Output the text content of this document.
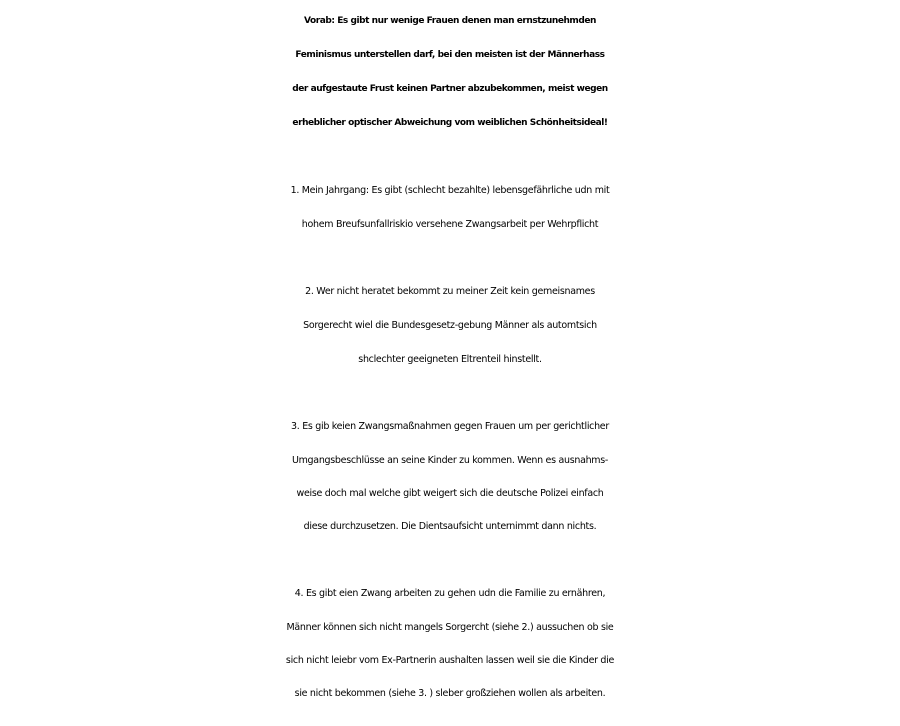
Vorab: Es gibt nur wenige Frauen denen man ernstzunehmden
Feminismus unterstellen darf, bei den meisten ist der Männerhass
der aufgestaute Frust keinen Partner abzubekommen, meist wegen
erheblicher optischer Abweichung vom weiblichen Schönheitsideal!
1. Mein Jahrgang: Es gibt (schlecht bezahlte) lebensgefährliche udn mit
hohem Breufsunfallriskio versehene Zwangsarbeit per Wehrpflicht
2. Wer nicht heratet bekommt zu meiner Zeit kein gemeisnames
Sorgerecht wiel die Bundesgesetz-gebung Männer als automtsich
shclechter geeigneten Eltrenteil hinstellt.
3. Es gib keien Zwangsmaßnahmen gegen Frauen um per gerichtlicher
Umgangsbeschlüsse an seine Kinder zu kommen. Wenn es ausnahms-
weise doch mal welche gibt weigert sich die deutsche Polizei einfach
diese durchzusetzen. Die Dientsaufsicht unternimmt dann nichts.
4. Es gibt eien Zwang arbeiten zu gehen udn die Familie zu ernähren,
Männer können sich nicht mangels Sorgercht (siehe 2.) aussuchen ob sie
sich nicht leiebr vom Ex-Partnerin aushalten lassen weil sie die Kinder die
sie nicht bekommen (siehe 3. ) sleber großziehen wollen als arbeiten.
